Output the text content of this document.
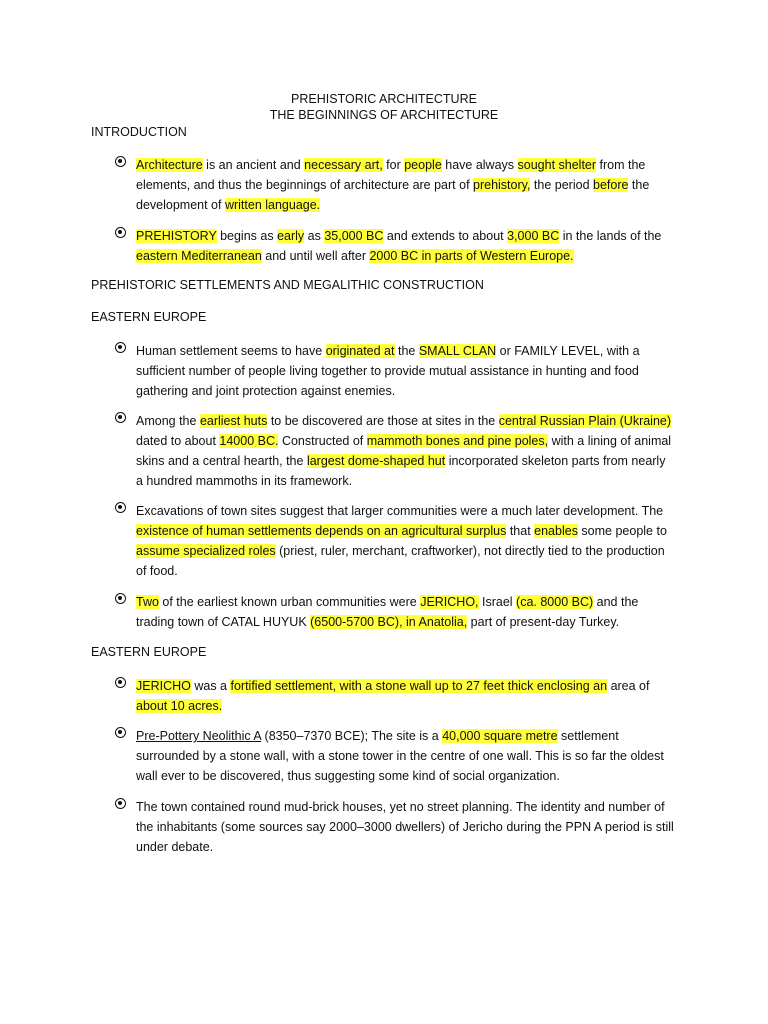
PREHISTORIC ARCHITECTURE
THE BEGINNINGS OF ARCHITECTURE
INTRODUCTION
Architecture is an ancient and necessary art, for people have always sought shelter from the elements, and thus the beginnings of architecture are part of prehistory, the period before the development of written language.
PREHISTORY begins as early as 35,000 BC and extends to about 3,000 BC in the lands of the eastern Mediterranean and until well after 2000 BC in parts of Western Europe.
PREHISTORIC SETTLEMENTS AND MEGALITHIC CONSTRUCTION
EASTERN EUROPE
Human settlement seems to have originated at the SMALL CLAN or FAMILY LEVEL, with a sufficient number of people living together to provide mutual assistance in hunting and food gathering and joint protection against enemies.
Among the earliest huts to be discovered are those at sites in the central Russian Plain (Ukraine) dated to about 14000 BC. Constructed of mammoth bones and pine poles, with a lining of animal skins and a central hearth, the largest dome-shaped hut incorporated skeleton parts from nearly a hundred mammoths in its framework.
Excavations of town sites suggest that larger communities were a much later development. The existence of human settlements depends on an agricultural surplus that enables some people to assume specialized roles (priest, ruler, merchant, craftworker), not directly tied to the production of food.
Two of the earliest known urban communities were JERICHO, Israel (ca. 8000 BC) and the trading town of CATAL HUYUK (6500-5700 BC), in Anatolia, part of present-day Turkey.
EASTERN EUROPE
JERICHO was a fortified settlement, with a stone wall up to 27 feet thick enclosing an area of about 10 acres.
Pre-Pottery Neolithic A (8350–7370 BCE); The site is a 40,000 square metre settlement surrounded by a stone wall, with a stone tower in the centre of one wall. This is so far the oldest wall ever to be discovered, thus suggesting some kind of social organization.
The town contained round mud-brick houses, yet no street planning. The identity and number of the inhabitants (some sources say 2000–3000 dwellers) of Jericho during the PPN A period is still under debate.
